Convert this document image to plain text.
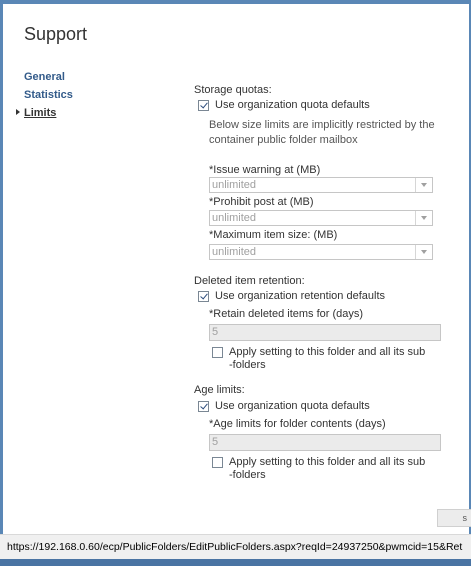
Support
General
Statistics
Limits
Storage quotas:
Use organization quota defaults
Below size limits are implicitly restricted by the
container public folder mailbox
*Issue warning at (MB)
unlimited
*Prohibit post at (MB)
unlimited
*Maximum item size: (MB)
unlimited
Deleted item retention:
Use organization retention defaults
*Retain deleted items for (days)
5
Apply setting to this folder and all its sub
-folders
Age limits:
Use organization quota defaults
*Age limits for folder contents (days)
5
Apply setting to this folder and all its sub
-folders
s
https://192.168.0.60/ecp/PublicFolders/EditPublicFolders.aspx?reqId=24937250&pwmcid=15&Ret
